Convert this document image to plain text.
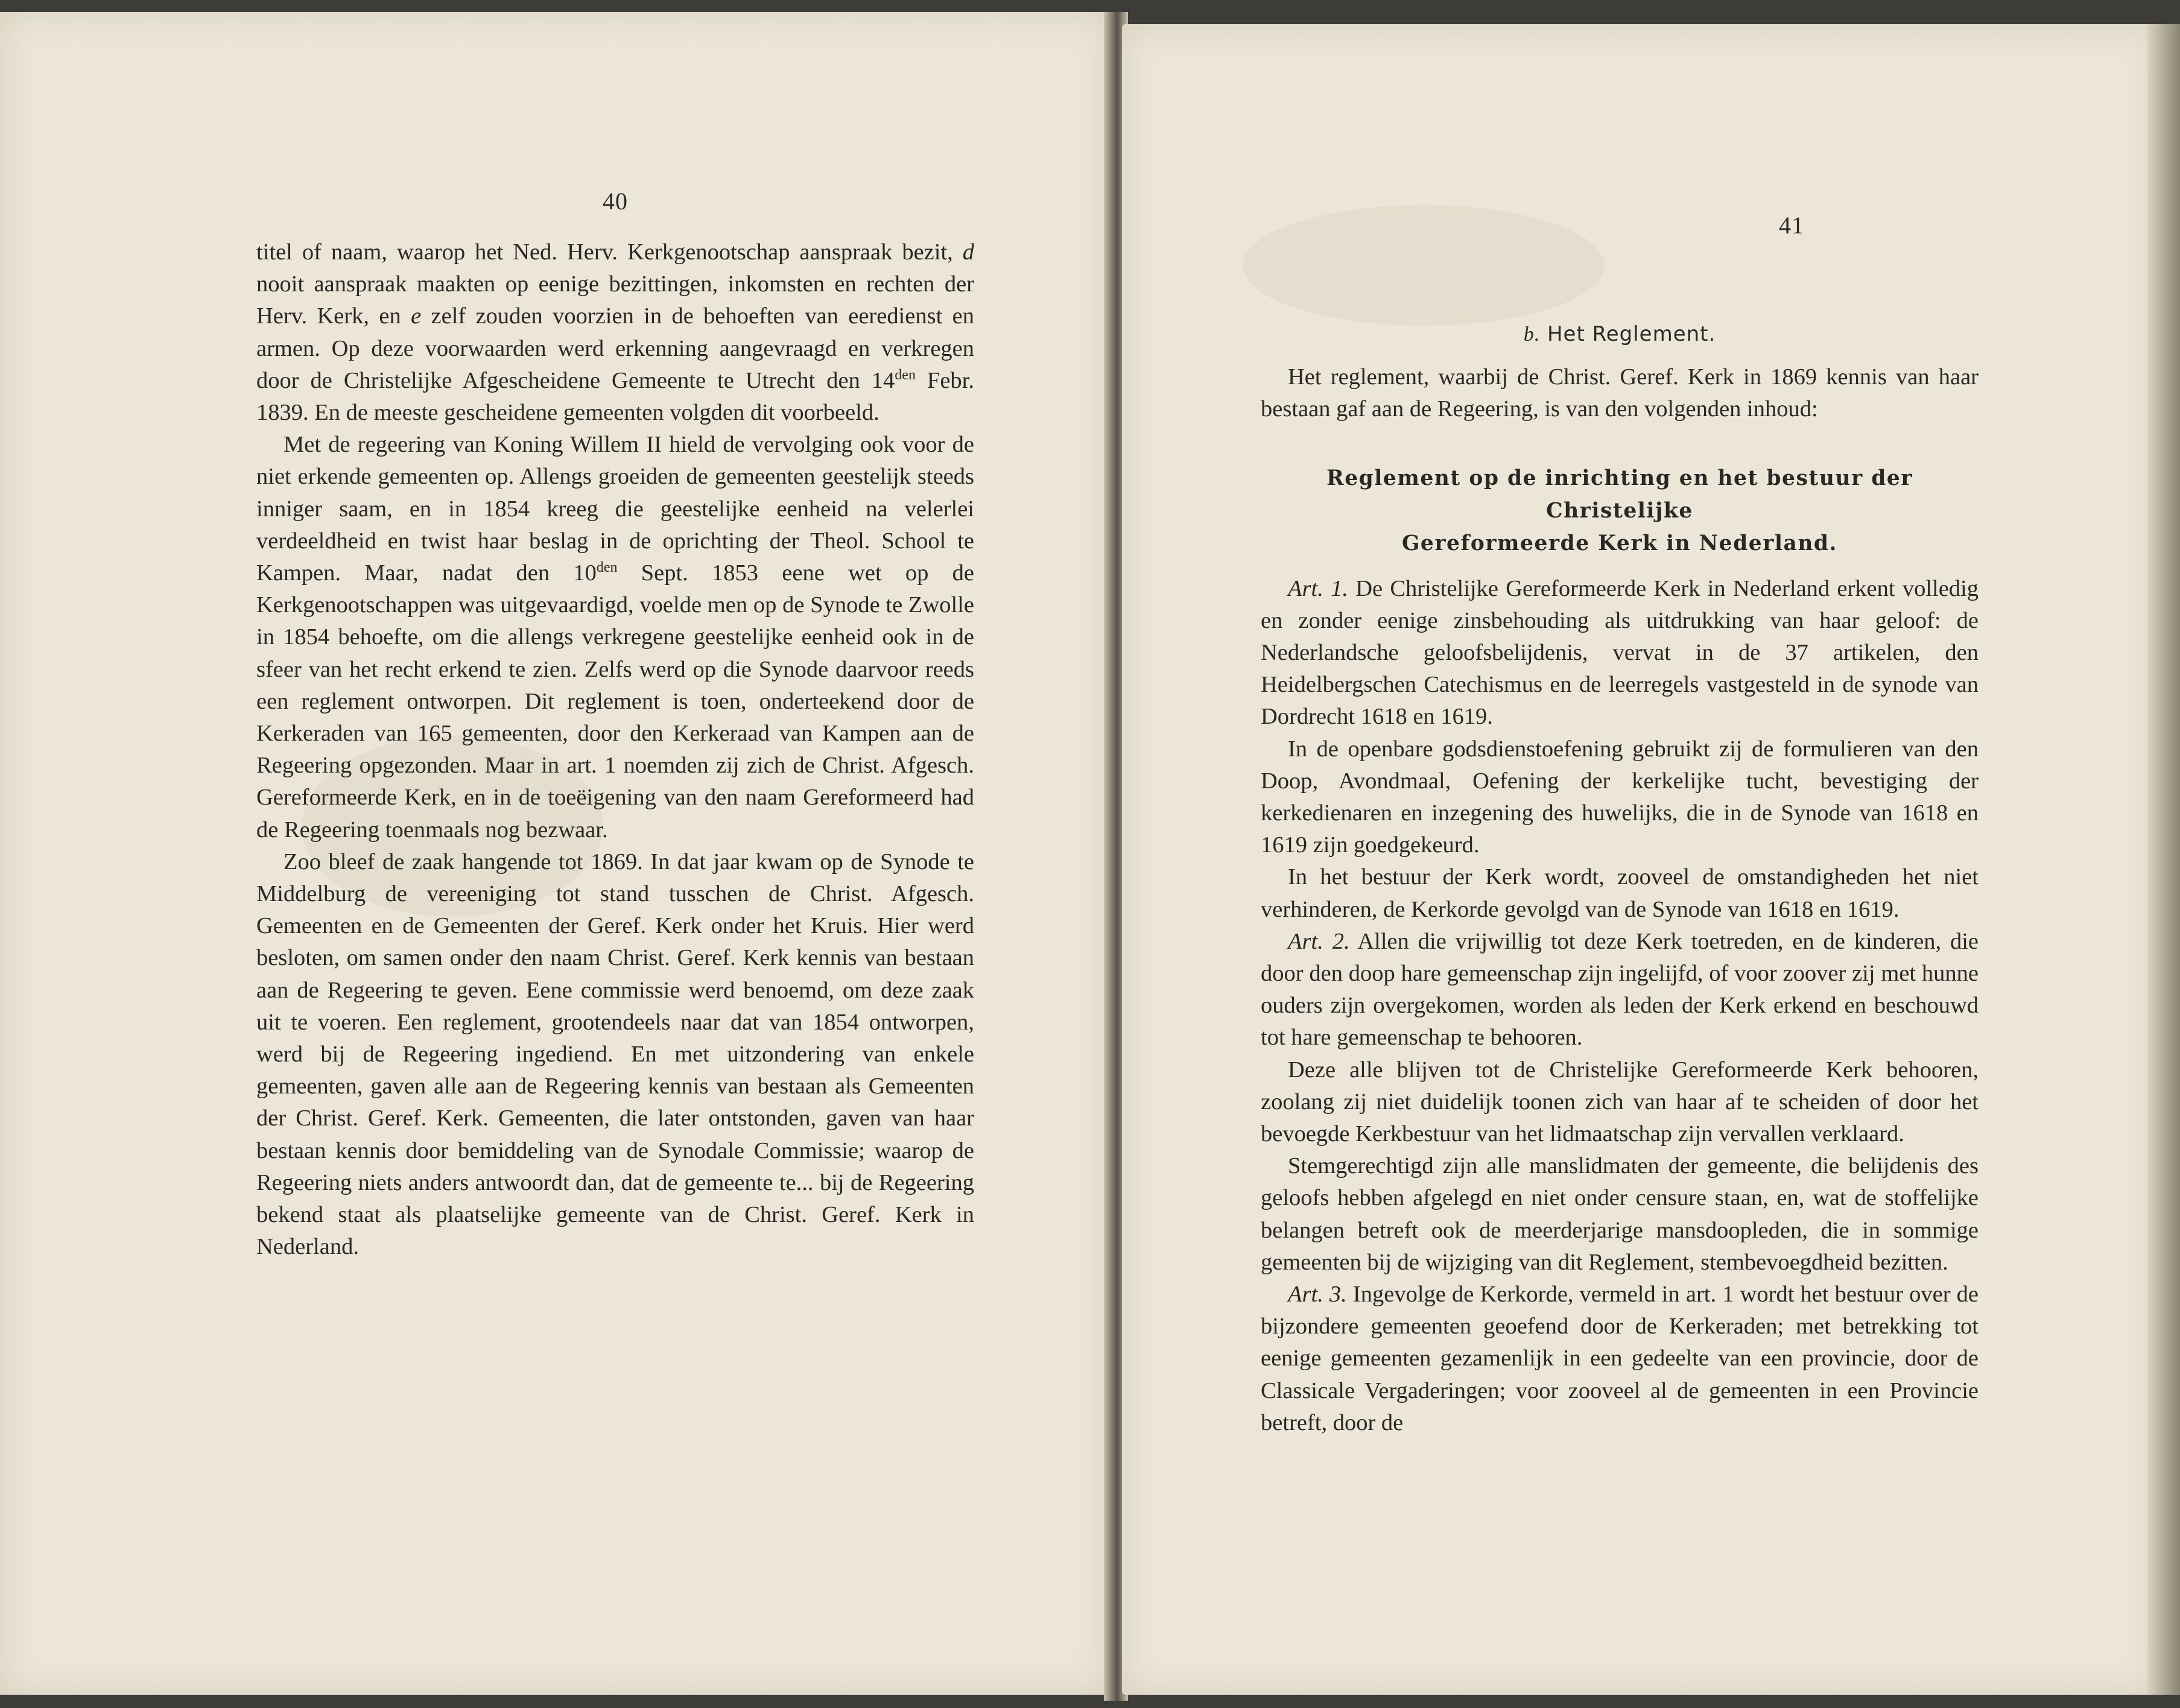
40

titel of naam, waarop het Ned. Herv. Kerkgenootschap aanspraak bezit, d nooit aanspraak maakten op eenige bezittingen, inkomsten en rechten der Herv. Kerk, en e zelf zouden voorzien in de behoeften van eeredienst en armen. Op deze voorwaarden werd erkenning aangevraagd en verkregen door de Christelijke Afgescheidene Gemeente te Utrecht den $14^{den}$ Febr. 1839. En de meeste gescheidene gemeenten volgden dit voorbeeld.

Met de regeering van Koning Willem II hield de vervolging ook voor de niet erkende gemeenten op. Allengs groeiden de gemeenten geestelijk steeds inniger saam, en in 1854 kreeg die geestelijke eenheid na velerlei verdeeldheid en twist haar beslag in de oprichting der Theol. School te Kampen. Maar, nadat den $10^{den}$ Sept. 1853 eene wet op de Kerkgenootschappen was uitgevaardigd, voelde men op de Synode te Zwolle in 1854 behoefte, om die allengs verkregene geestelijke eenheid ook in de sfeer van het recht erkend te zien. Zelfs werd op die Synode daarvoor reeds een reglement ontworpen. Dit reglement is toen, onderteekend door de Kerkeraden van 165 gemeenten, door den Kerkeraad van Kampen aan de Regeering opgezonden. Maar in art. 1 noemden zij zich de Christ. Afgesch. Gereformeerde Kerk, en in de toeëigening van den naam Gereformeerd had de Regeering toenmaals nog bezwaar.

Zoo bleef de zaak hangende tot 1869. In dat jaar kwam op de Synode te Middelburg de vereeniging tot stand tusschen de Christ. Afgesch. Gemeenten en de Gemeenten der Geref. Kerk onder het Kruis. Hier werd besloten, om samen onder den naam Christ. Geref. Kerk kennis van bestaan aan de Regeering te geven. Eene commissie werd benoemd, om deze zaak uit te voeren. Een reglement, grootendeels naar dat van 1854 ontworpen, werd bij de Regeering ingediend. En met uitzondering van enkele gemeenten, gaven alle aan de Regeering kennis van bestaan als Gemeenten der Christ. Geref. Kerk. Gemeenten, die later ontstonden, gaven van haar bestaan kennis door bemiddeling van de Synodale Commissie; waarop de Regeering niets anders antwoordt dan, dat de gemeente te... bij de Regeering bekend staat als plaatselijke gemeente van de Christ. Geref. Kerk in Nederland.

41
b. Het Reglement.

Het reglement, waarbij de Christ. Geref. Kerk in 1869 kennis van haar bestaan gaf aan de Regeering, is van den volgenden inhoud:

Reglement op de inrichting en het bestuur der Christelijke
Gereformeerde Kerk in Nederland.

Art. 1. De Christelijke Gereformeerde Kerk in Nederland erkent volledig en zonder eenige zinsbehouding als uitdrukking van haar geloof: de Nederlandsche geloofsbelijdenis, vervat in de 37 artikelen, den Heidelbergschen Catechismus en de leerregels vastgesteld in de synode van Dordrecht 1618 en 1619.

In de openbare godsdienstoefening gebruikt zij de formulieren van den Doop, Avondmaal, Oefening der kerkelijke tucht, bevestiging der kerkedienaren en inzegening des huwelijks, die in de Synode van 1618 en 1619 zijn goedgekeurd.

In het bestuur der Kerk wordt, zooveel de omstandigheden het niet verhinderen, de Kerkorde gevolgd van de Synode van 1618 en 1619.

Art. 2. Allen die vrijwillig tot deze Kerk toetreden, en de kinderen, die door den doop hare gemeenschap zijn ingelijfd, of voor zoover zij met hunne ouders zijn overgekomen, worden als leden der Kerk erkend en beschouwd tot hare gemeenschap te behooren.

Deze alle blijven tot de Christelijke Gereformeerde Kerk behooren, zoolang zij niet duidelijk toonen zich van haar af te scheiden of door het bevoegde Kerkbestuur van het lidmaatschap zijn vervallen verklaard.

Stemgerechtigd zijn alle manslidmaten der gemeente, die belijdenis des geloofs hebben afgelegd en niet onder censure staan, en, wat de stoffelijke belangen betreft ook de meerderjarige mansdoopleden, die in sommige gemeenten bij de wijziging van dit Reglement, stembevoegdheid bezitten.

Art. 3. Ingevolge de Kerkorde, vermeld in art. 1 wordt het bestuur over de bijzondere gemeenten geoefend door de Kerkeraden; met betrekking tot eenige gemeenten gezamenlijk in een gedeelte van een provincie, door de Classicale Vergaderingen; voor zooveel al de gemeenten in een Provincie betreft, door de
